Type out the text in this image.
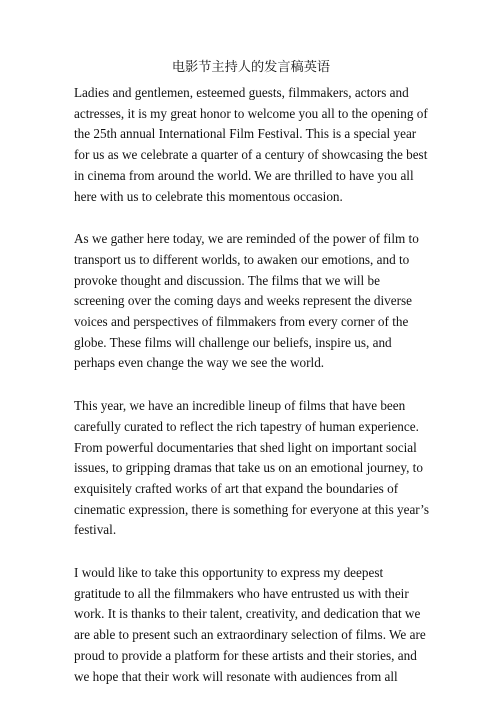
电影节主持人的发言稿英语

Ladies and gentlemen, esteemed guests, filmmakers, actors and actresses, it is my great honor to welcome you all to the opening of the 25th annual International Film Festival. This is a special year for us as we celebrate a quarter of a century of showcasing the best in cinema from around the world. We are thrilled to have you all here with us to celebrate this momentous occasion.

As we gather here today, we are reminded of the power of film to transport us to different worlds, to awaken our emotions, and to provoke thought and discussion. The films that we will be screening over the coming days and weeks represent the diverse voices and perspectives of filmmakers from every corner of the globe. These films will challenge our beliefs, inspire us, and perhaps even change the way we see the world.

This year, we have an incredible lineup of films that have been carefully curated to reflect the rich tapestry of human experience. From powerful documentaries that shed light on important social issues, to gripping dramas that take us on an emotional journey, to exquisitely crafted works of art that expand the boundaries of cinematic expression, there is something for everyone at this year’s festival.

I would like to take this opportunity to express my deepest gratitude to all the filmmakers who have entrusted us with their work. It is thanks to their talent, creativity, and dedication that we are able to present such an extraordinary selection of films. We are proud to provide a platform for these artists and their stories, and we hope that their work will resonate with audiences from all
